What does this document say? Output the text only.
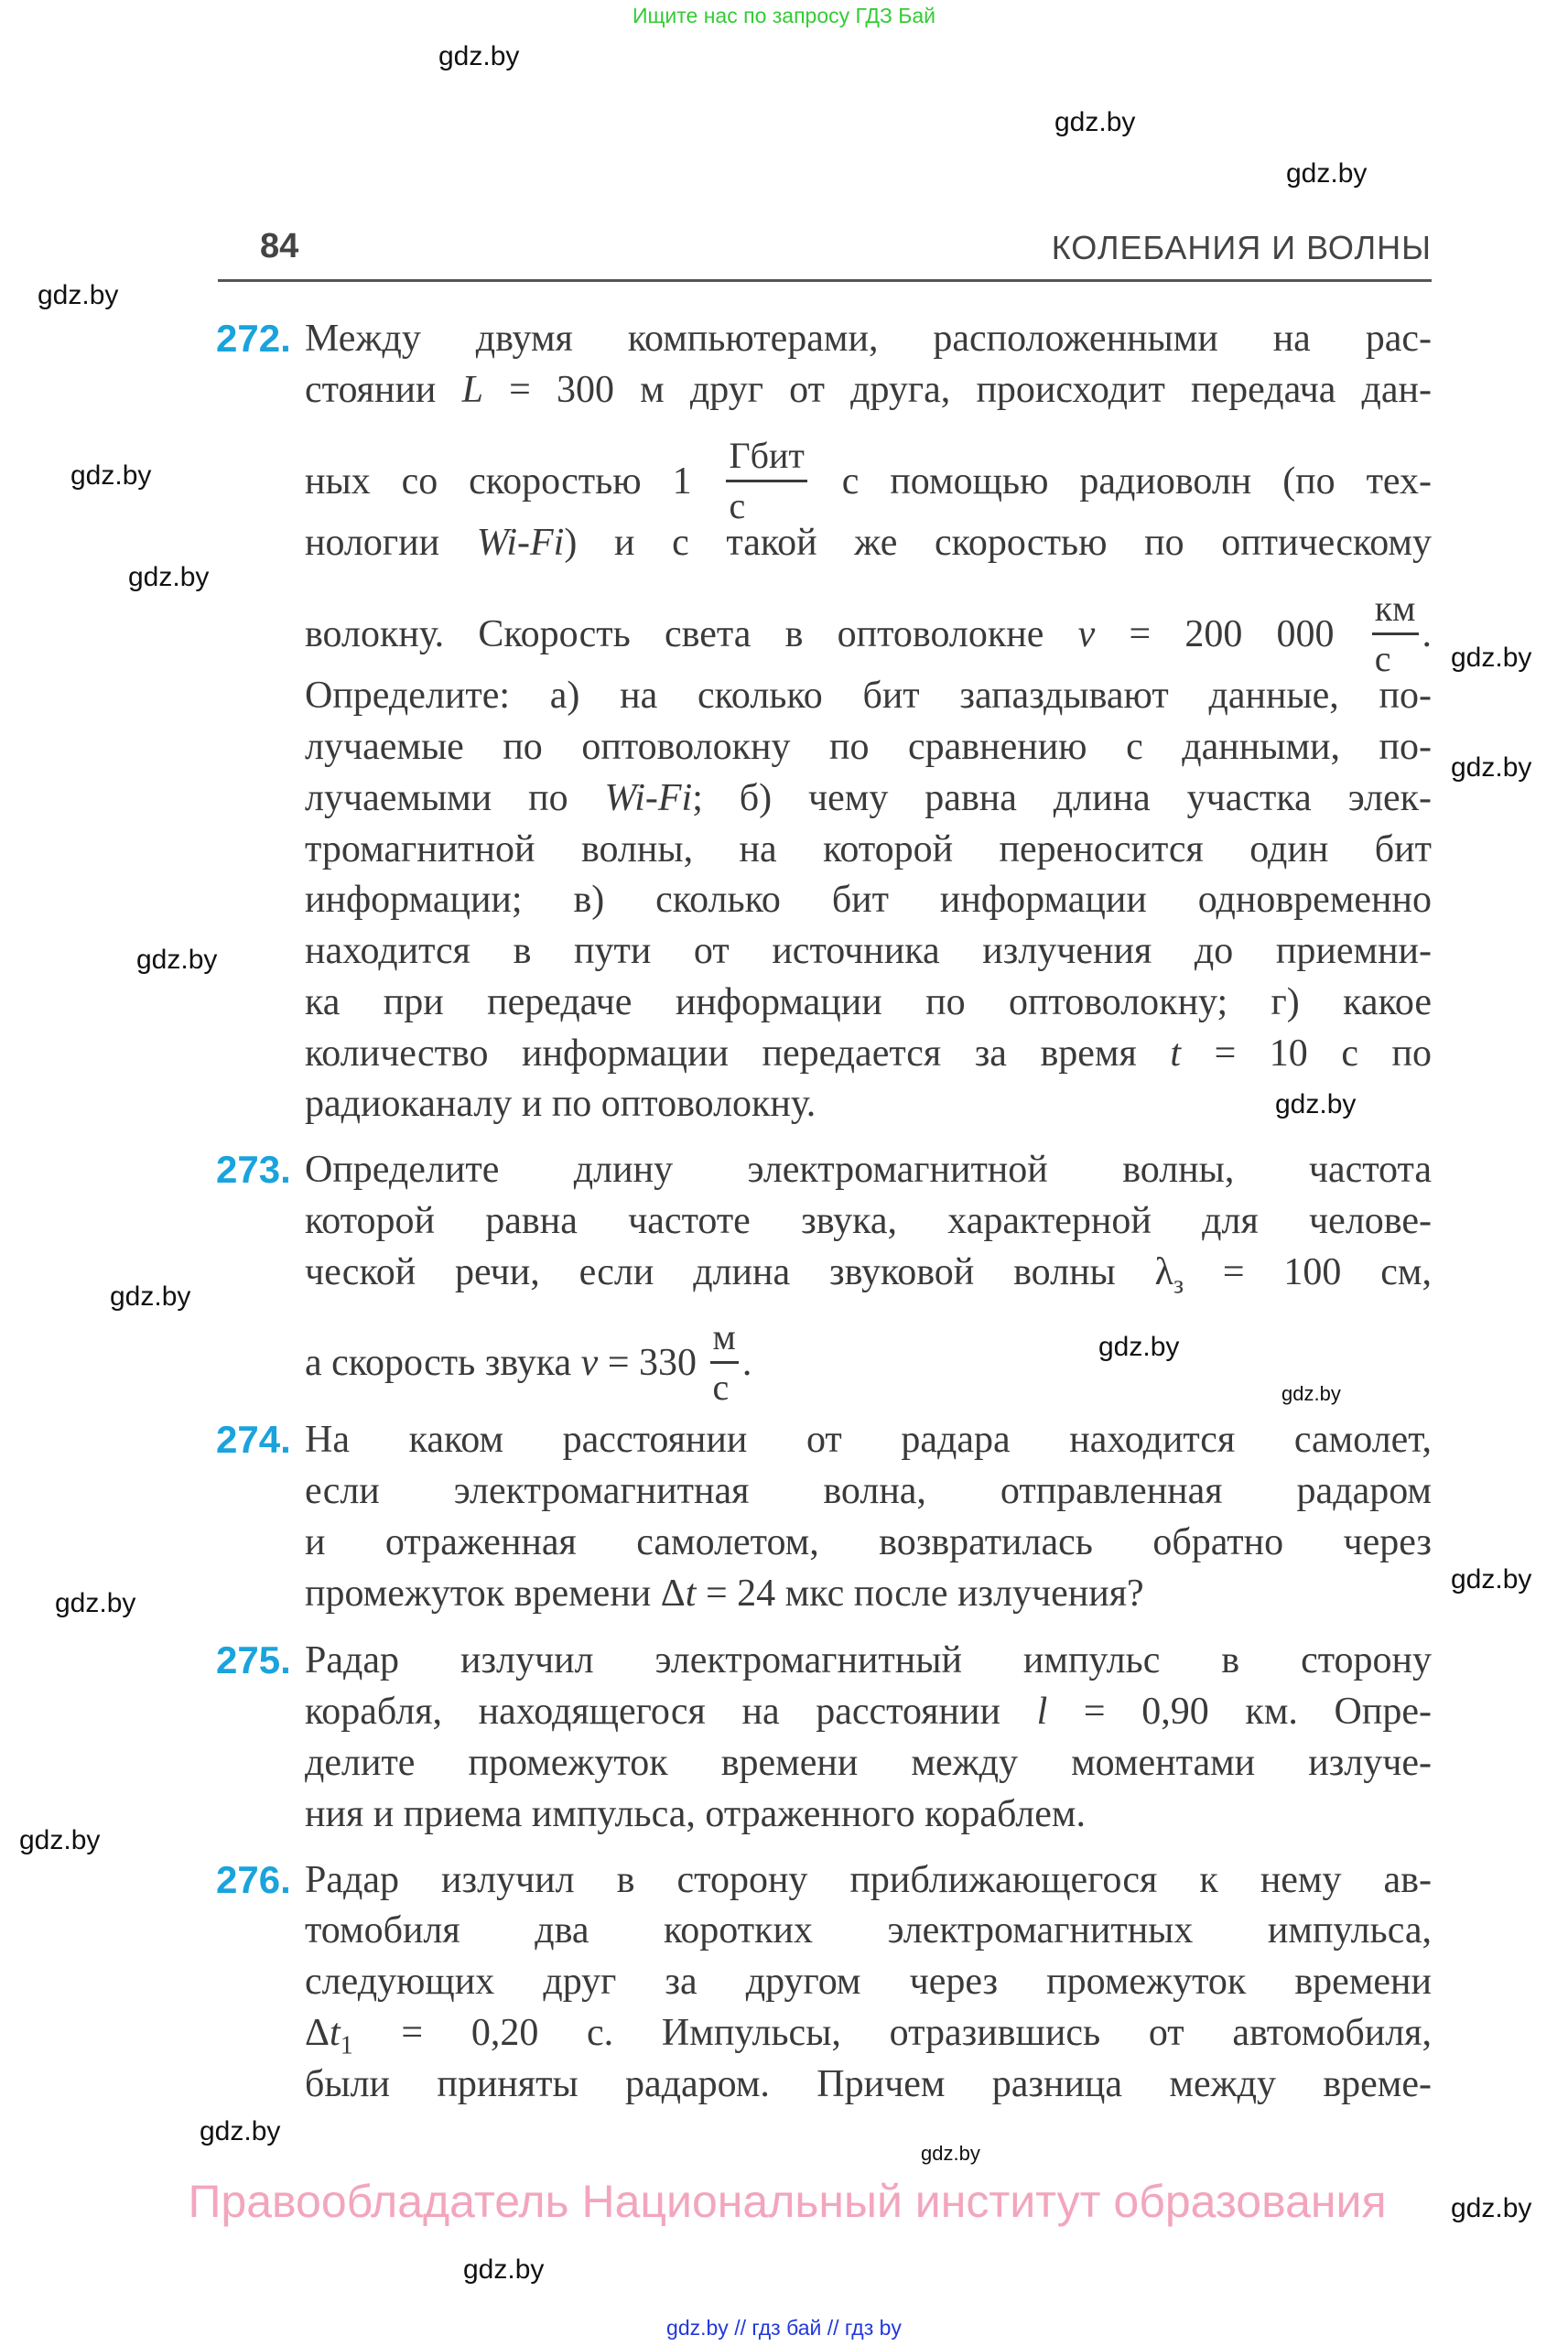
Ищите нас по запросу ГДЗ Бай
84	КОЛЕБАНИЯ И ВОЛНЫ
272. Между двумя компьютерами, расположенными на рас-
стоянии L = 300 м друг от друга, происходит передача дан-
ных со скоростью $1 \frac{\text{Гбит}}{с}$ с помощью радиоволн (по тех-
нологии Wi-Fi) и с такой же скоростью по оптическому
волокну. Скорость света в оптоволокне v = 200 $000 \frac{км}{с}$ .
Определите: а) на сколько бит запаздывают данные, по-
лучаемые по оптоволокну по сравнению с данными, по-
лучаемыми по Wi-Fi; б) чему равна длина участка элек-
тромагнитной волны, на которой переносится один бит
информации; в) сколько бит информации одновременно
находится в пути от источника излучения до приемни-
ка при передаче информации по оптоволокну; г) какое
количество информации передается за время t = 10 с по
радиоканалу и по оптоволокну.
273. Определите длину электромагнитной волны, частота
которой равна частоте звука, характерной для челове-
ческой речи, если длина звуковой волны $\lambda_з = 100$ см,
а скорость звука $v = 330 \frac{м}{с}$ .
274. На каком расстоянии от радара находится самолет,
если электромагнитная волна, отправленная радаром
и отраженная самолетом, возвратилась обратно через
промежуток времени Δt = 24 мкс после излучения?
275. Радар излучил электромагнитный импульс в сторону
корабля, находящегося на расстоянии l = 0,90 км. Опре-
делите промежуток времени между моментами излуче-
ния и приема импульса, отраженного кораблем.
276. Радар излучил в сторону приближающегося к нему ав-
томобиля два коротких электромагнитных импульса,
следующих друг за другом через промежуток времени
$\Delta t_1 = 0,20$ с. Импульсы, отразившись от автомобиля,
были приняты радаром. Причем разница между време-
gdz.by
gdz.by
gdz.by
gdz.by
gdz.by
gdz.by
gdz.by
gdz.by
gdz.by
gdz.by
gdz.by
gdz.by
gdz.by
gdz.by
gdz.by
gdz.by
gdz.by
gdz.by
gdz.by
gdz.by
Правообладатель Национальный институт образования
gdz.by // гдз бай // гдз by
